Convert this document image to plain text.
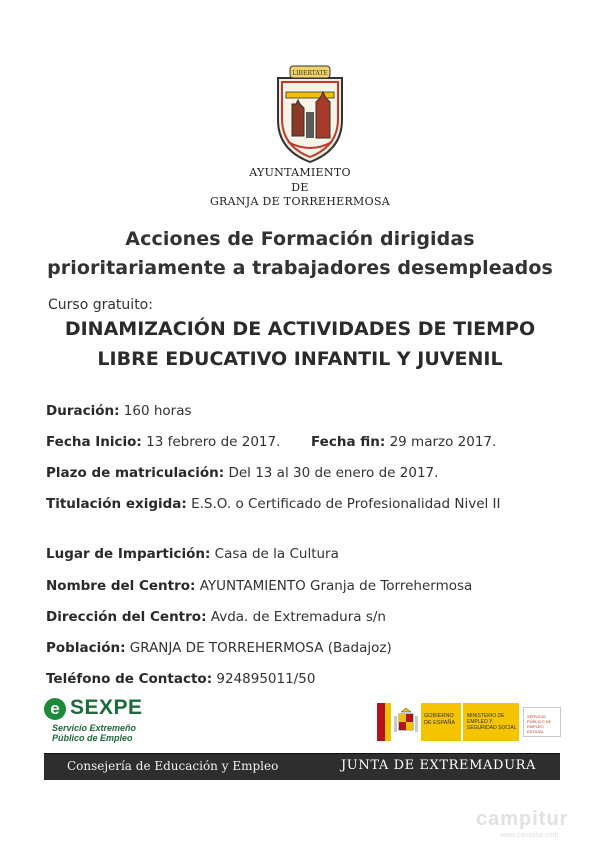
LIBERTATE
AYUNTAMIENTO
DE
GRANJA DE TORREHERMOSA
Acciones de Formación dirigidas
prioritariamente a trabajadores desempleados
Curso gratuito:
DINAMIZACIÓN DE ACTIVIDADES DE TIEMPO
LIBRE EDUCATIVO INFANTIL Y JUVENIL
Duración: 160 horas
Fecha Inicio: 13 febrero de 2017. Fecha fin: 29 marzo 2017.
Plazo de matriculación: Del 13 al 30 de enero de 2017.
Titulación exigida: E.S.O. o Certificado de Profesionalidad Nivel II
Lugar de Impartición: Casa de la Cultura
Nombre del Centro: AYUNTAMIENTO Granja de Torrehermosa
Dirección del Centro: Avda. de Extremadura s/n
Población: GRANJA DE TORREHERMOSA (Badajoz)
Teléfono de Contacto: 924895011/50
e SEXPE
Servicio Extremeño
Público de Empleo
GOBIERNO DE ESPAÑA
MINISTERIO DE EMPLEO Y SEGURIDAD SOCIAL
SERVICIO PÚBLICO DE EMPLEO ESTATAL
Consejería de Educación y Empleo	JUNTA DE EXTREMADURA
campitur
www.campitur.com
